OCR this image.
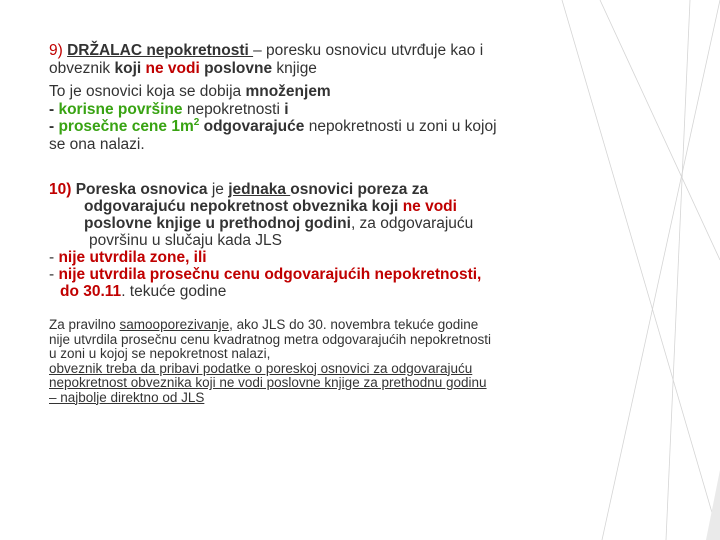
9) DRŽALAC nepokretnosti – poresku osnovicu utvrđuje kao i
obveznik koji ne vodi poslovne knjige
To je osnovici koja se dobija množenjem
- korisne površine nepokretnosti i
- prosečne cene $1m^2$ odgovarajuće nepokretnosti u zoni u kojoj
se ona nalazi.
10) Poreska osnovica je jednaka osnovici poreza za
odgovarajuću nepokretnost obveznika koji ne vodi
poslovne knjige u prethodnoj godini, za odgovarajuću
površinu u slučaju kada JLS
- nije utvrdila zone, ili
- nije utvrdila prosečnu cenu odgovarajućih nepokretnosti,
do 30.11. tekuće godine
Za pravilno samooporezivanje, ako JLS do 30. novembra tekuće godine
nije utvrdila prosečnu cenu kvadratnog metra odgovarajućih nepokretnosti
u zoni u kojoj se nepokretnost nalazi,
obveznik treba da pribavi podatke o poreskoj osnovici za odgovarajuću
nepokretnost obveznika koji ne vodi poslovne knjige za prethodnu godinu
– najbolje direktno od JLS
